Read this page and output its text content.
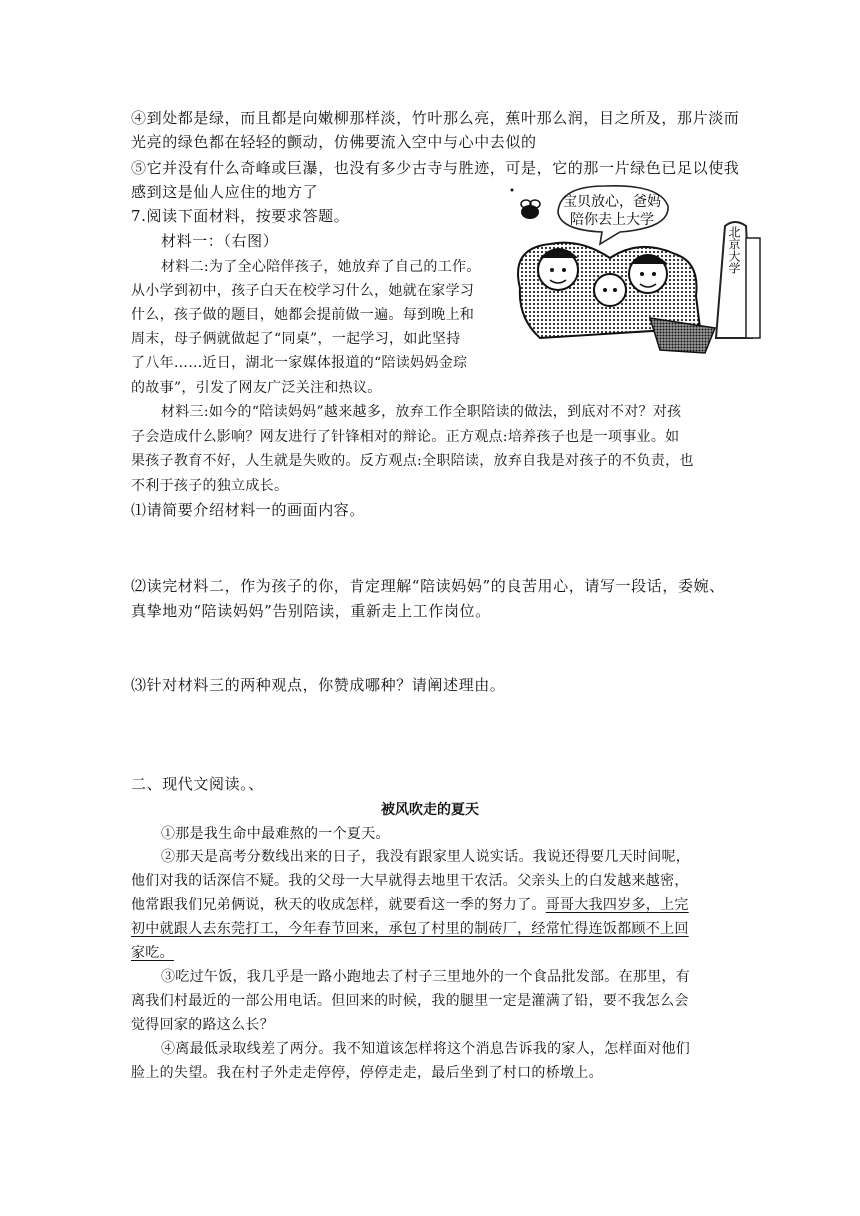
④到处都是绿，而且都是向嫩柳那样淡，竹叶那么亮，蕉叶那么润，目之所及，那片淡而
光亮的绿色都在轻轻的颤动，仿佛要流入空中与心中去似的
⑤它并没有什么奇峰或巨瀑，也没有多少古寺与胜迹，可是，它的那一片绿色已足以使我
感到这是仙人应住的地方了
7.阅读下面材料，按要求答题。
材料一：（右图）
材料二:为了全心陪伴孩子，她放弃了自己的工作。
从小学到初中，孩子白天在校学习什么，她就在家学习
什么，孩子做的题目，她都会提前做一遍。每到晚上和
周末，母子俩就做起了“同桌”，一起学习，如此坚持
了八年……近日，湖北一家媒体报道的“陪读妈妈金琮
的故事”，引发了网友广泛关注和热议。
材料三:如今的“陪读妈妈”越来越多，放弃工作全职陪读的做法，到底对不对？对孩
子会造成什么影响？网友进行了针锋相对的辩论。正方观点:培养孩子也是一项事业。如
果孩子教育不好，人生就是失败的。反方观点:全职陪读，放弃自我是对孩子的不负责，也
不利于孩子的独立成长。
⑴请简要介绍材料一的画面内容。
⑵读完材料二，作为孩子的你，肯定理解“陪读妈妈”的良苦用心，请写一段话，委婉、
真挚地劝“陪读妈妈”告别陪读，重新走上工作岗位。
⑶针对材料三的两种观点，你赞成哪种？请阐述理由。
宝贝放心，爸妈
陪你去上大学
北京大学
二、现代文阅读。、
被风吹走的夏天
①那是我生命中最难熬的一个夏天。
②那天是高考分数线出来的日子，我没有跟家里人说实话。我说还得要几天时间呢，
他们对我的话深信不疑。我的父母一大早就得去地里干农活。父亲头上的白发越来越密，
他常跟我们兄弟俩说，秋天的收成怎样，就要看这一季的努力了。哥哥大我四岁多，上完
初中就跟人去东莞打工，今年春节回来，承包了村里的制砖厂，经常忙得连饭都顾不上回
家吃。
③吃过午饭，我几乎是一路小跑地去了村子三里地外的一个食品批发部。在那里，有
离我们村最近的一部公用电话。但回来的时候，我的腿里一定是灌满了铅，要不我怎么会
觉得回家的路这么长？
④离最低录取线差了两分。我不知道该怎样将这个消息告诉我的家人，怎样面对他们
脸上的失望。我在村子外走走停停，停停走走，最后坐到了村口的桥墩上。
